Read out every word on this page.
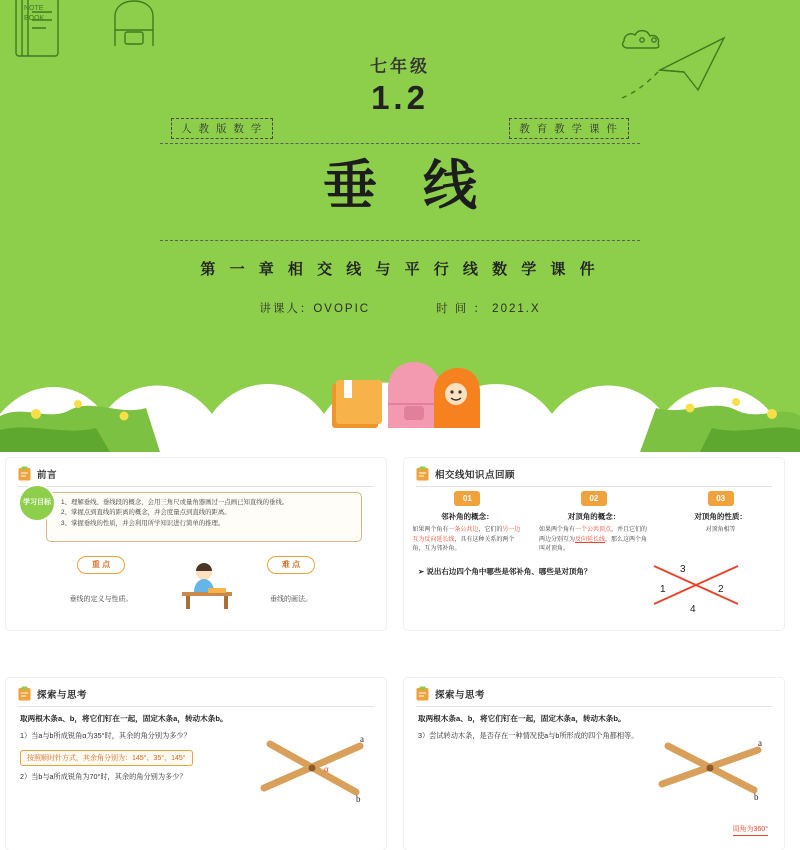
NOTE
BOOK

七年级

1.2

人 教 版 数 学	教 育 教 学 课 件
垂线
第 一 章 相 交 线 与 平 行 线 数 学 课 件
讲课人：OVOPIC	时 间 ： 2021.X
前言
学习目标	1、理解垂线、垂线段的概念，会用三角尺或量角器画过一点画已知直线的垂线。
2、掌握点到直线的距离的概念，并会度量点到直线的距离。
3、掌握垂线的性质，并会利用所学知识进行简单的推理。
重 点
垂线的定义与性质。
难 点
垂线的画法。
相交线知识点回顾
01
邻补角的概念：
如果两个角有一条公共边，它们的另一边互为反向延长线，具有这种关系的两个角，互为邻补角。
02
对顶角的概念：
如果两个角有一个公共顶点，并且它们的两边分别互为反向延长线，那么这两个角叫对顶角。
03
对顶角的性质：
对顶角相等
➢ 说出右边四个角中哪些是邻补角、哪些是对顶角？	3
1	2
4
探索与思考
取两根木条a、b，将它们钉在一起，固定木条a，转动木条b。
1）当a与b所成锐角α为35°时，其余的角分别为多少？
按照顺时针方式，其余角分别为：145°、35°、145°
2）当b与a所成锐角为70°时，其余的角分别为多少？
a
b
α
探索与思考
取两根木条a、b，将它们钉在一起，固定木条a，转动木条b。
3）尝试转动木条，是否存在一种情况使a与b所形成的四个角都相等。
周角为360°
a
b
